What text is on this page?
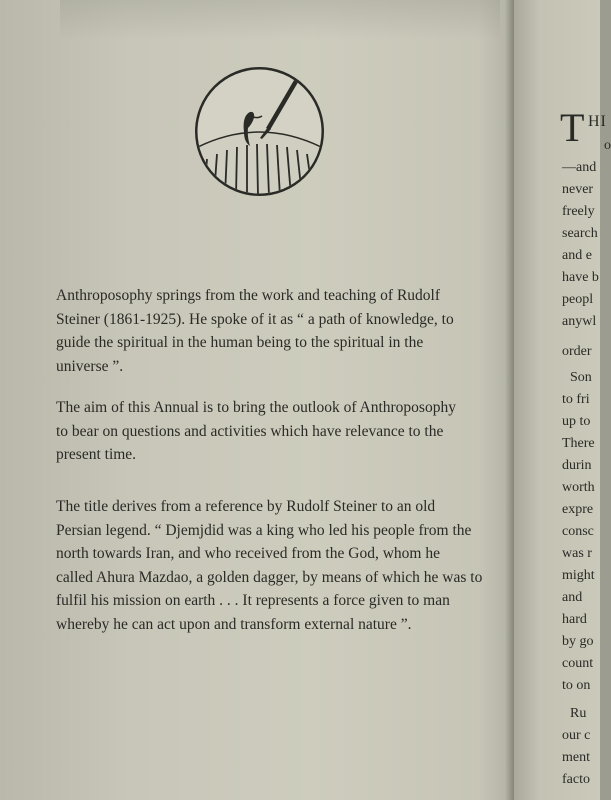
Anthroposophy springs from the work and teaching of Rudolf
Steiner (1861-1925). He spoke of it as “ a path of knowledge, to
guide the spiritual in the human being to the spiritual in the
universe ”.

The aim of this Annual is to bring the outlook of Anthroposophy
to bear on questions and activities which have relevance to the
present time.

The title derives from a reference by Rudolf Steiner to an old
Persian legend. “ Djemjdid was a king who led his people from the
north towards Iran, and who received from the God, whom he
called Ahura Mazdao, a golden dagger, by means of which he was to
fulfil his mission on earth . . . It represents a force given to man
whereby he can act upon and transform external nature ”.

T HI
o
—and
never
freely
search
and e
have b
peopl
anywl
order
Son
to fri
up to
There
durin
worth
expre
consc
was r
might
and
hard
by go
count
to on
Ru
our c
ment
facto
